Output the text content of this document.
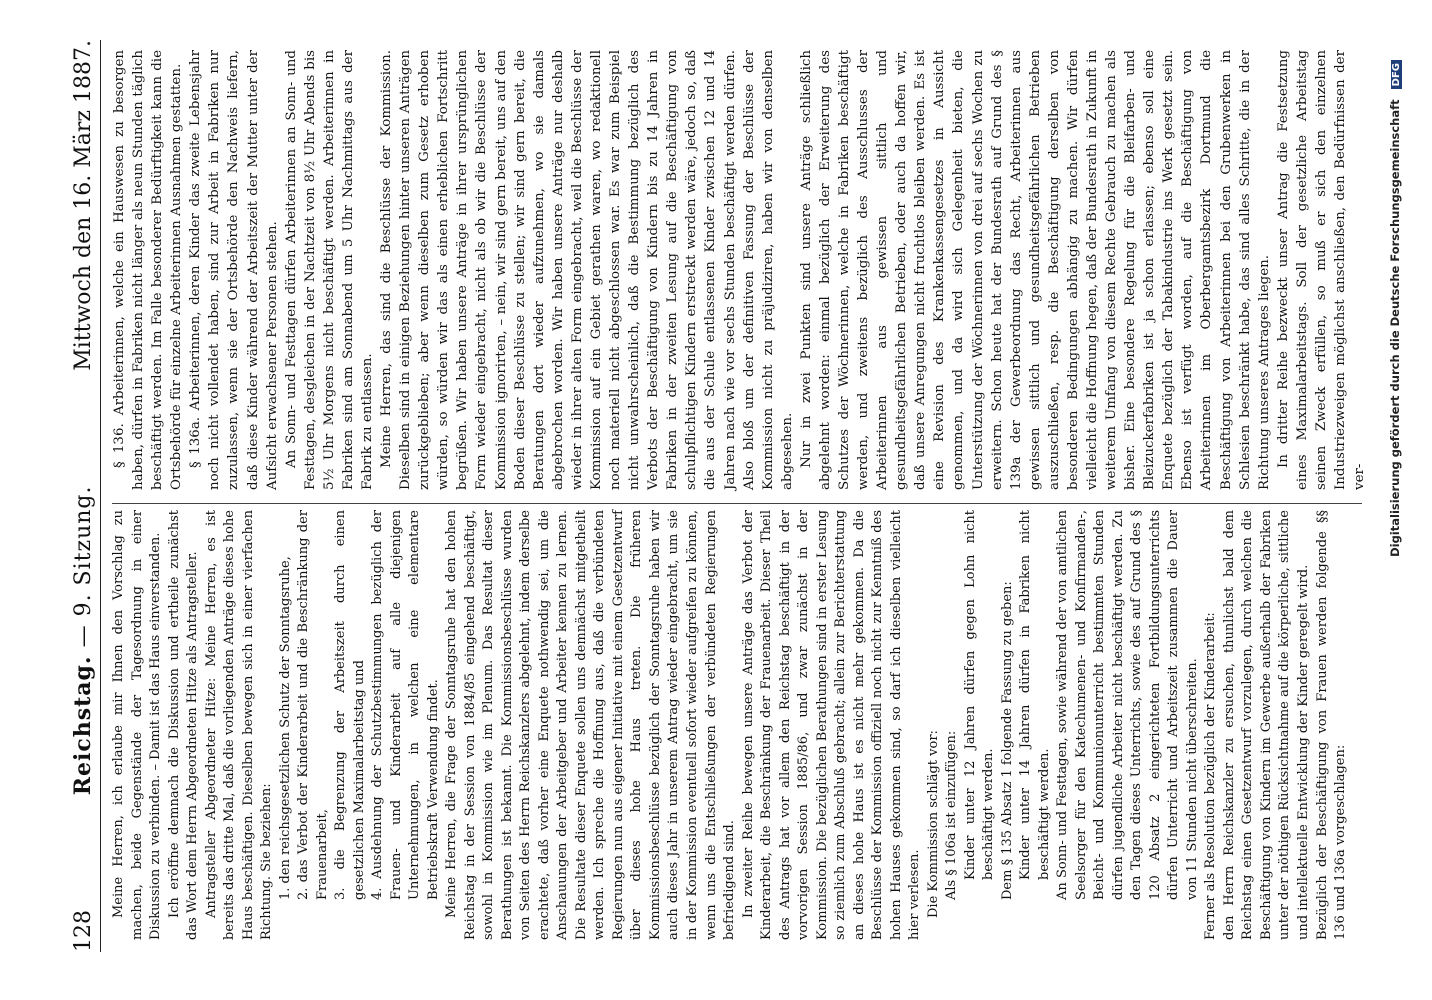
128
Reichstag. — 9. Sitzung.
Mittwoch den 16. März 1887.

Meine Herren, ich erlaube mir Ihnen den Vorschlag zu machen, beide Gegenstände der Tagesordnung in einer Diskussion zu verbinden. – Damit ist das Haus einverstanden. Ich eröffne demnach die Diskussion und ertheile zunächst das Wort dem Herrn Abgeordneten Hitze als Antragsteller. Antragsteller Abgeordneter Hitze: Meine Herren, es ist bereits das dritte Mal, daß die vorliegenden Anträge dieses hohe Haus beschäftigen. Dieselben bewegen sich in einer vierfachen Richtung. Sie beziehen: 1. den reichsgesetzlichen Schutz der Sonntagsruhe, 2. das Verbot der Kinderarbeit und die Beschränkung der Frauenarbeit, 3. die Begrenzung der Arbeitszeit durch einen gesetzlichen Maximalarbeitstag und 4. Ausdehnung der Schutzbestimmungen bezüglich der Frauen- und Kinderarbeit auf alle diejenigen Unternehmungen, in welchen eine elementare Betriebskraft Verwendung findet. Meine Herren, die Frage der Sonntagsruhe hat den hohen Reichstag in der Session von 1884/85 eingehend beschäftigt, sowohl in Kommission wie im Plenum. Das Resultat dieser Berathungen ist bekannt. Die Kommissionsbeschlüsse wurden von Seiten des Herrn Reichskanzlers abgelehnt, indem derselbe erachtete, daß vorher eine Enquete nothwendig sei, um die Anschauungen der Arbeitgeber und Arbeiter kennen zu lernen. Die Resultate dieser Enquete sollen uns demnächst mitgetheilt werden. Ich spreche die Hoffnung aus, daß die verbündeten Regierungen nun aus eigener Initiative mit einem Gesetzentwurf über dieses hohe Haus treten. Die früheren Kommissionsbeschlüsse bezüglich der Sonntagsruhe haben wir auch dieses Jahr in unserem Antrag wieder eingebracht, um sie in der Kommission eventuell sofort wieder aufgreifen zu können, wenn uns die Entschließungen der verbündeten Regierungen befriedigend sind. In zweiter Reihe bewegen unsere Anträge das Verbot der Kinderarbeit, die Beschränkung der Frauenarbeit. Dieser Theil des Antrags hat vor allem den Reichstag beschäftigt in der vorvorigen Session 1885/86, und zwar zunächst in der Kommission. Die bezüglichen Berathungen sind in erster Lesung so ziemlich zum Abschluß gebracht; allein zur Berichterstattung an dieses hohe Haus ist es nicht mehr gekommen. Da die Beschlüsse der Kommission offiziell noch nicht zur Kenntniß des hohen Hauses gekommen sind, so darf ich dieselben vielleicht hier verlesen. Die Kommission schlägt vor: Als § 106a ist einzufügen: Kinder unter 12 Jahren dürfen gegen Lohn nicht beschäftigt werden. Dem § 135 Absatz 1 folgende Fassung zu geben: Kinder unter 14 Jahren dürfen in Fabriken nicht beschäftigt werden. An Sonn- und Festtagen, sowie während der von amtlichen Seelsorger für den Katechumenen- und Konfirmanden-, Beicht- und Kommunionunterricht bestimmten Stunden dürfen jugendliche Arbeiter nicht beschäftigt werden. Zu den Tagen dieses Unterrichts, sowie des auf Grund des § 120 Absatz 2 eingerichteten Fortbildungsunterrichts dürfen Unterricht und Arbeitszeit zusammen die Dauer von 11 Stunden nicht überschreiten. Ferner als Resolution bezüglich der Kinderarbeit: den Herrn Reichskanzler zu ersuchen, thunlichst bald dem Reichstag einen Gesetzentwurf vorzulegen, durch welchen die Beschäftigung von Kindern im Gewerbe außerhalb der Fabriken unter der nöthigen Rücksichtnahme auf die körperliche, sittliche und intellektuelle Entwicklung der Kinder geregelt wird. Bezüglich der Beschäftigung von Frauen werden folgende §§ 136 und 136a vorgeschlagen:

§ 136. Arbeiterinnen, welche ein Hauswesen zu besorgen haben, dürfen in Fabriken nicht länger als neun Stunden täglich beschäftigt werden. Im Falle besonderer Bedürftigkeit kann die Ortsbehörde für einzelne Arbeiterinnen Ausnahmen gestatten. § 136a. Arbeiterinnen, deren Kinder das zweite Lebensjahr noch nicht vollendet haben, sind zur Arbeit in Fabriken nur zuzulassen, wenn sie der Ortsbehörde den Nachweis liefern, daß diese Kinder während der Arbeitszeit der Mutter unter der Aufsicht erwachsener Personen stehen. An Sonn- und Festtagen dürfen Arbeiterinnen an Sonn- und Festtagen, desgleichen in der Nachtzeit von 8½ Uhr Abends bis 5½ Uhr Morgens nicht beschäftigt werden. Arbeiterinnen in Fabriken sind am Sonnabend um 5 Uhr Nachmittags aus der Fabrik zu entlassen. Meine Herren, das sind die Beschlüsse der Kommission. Dieselben sind in einigen Beziehungen hinter unseren Anträgen zurückgeblieben; aber wenn dieselben zum Gesetz erhoben würden, so würden wir das als einen erheblichen Fortschritt begrüßen. Wir haben unsere Anträge in ihrer ursprünglichen Form wieder eingebracht, nicht als ob wir die Beschlüsse der Kommission ignorirten, – nein, wir sind gern bereit, uns auf den Boden dieser Beschlüsse zu stellen; wir sind gern bereit, die Beratungen dort wieder aufzunehmen, wo sie damals abgebrochen worden. Wir haben unsere Anträge nur deshalb wieder in ihrer alten Form eingebracht, weil die Beschlüsse der Kommission auf ein Gebiet gerathen waren, wo redaktionell noch materiell nicht abgeschlossen war. Es war zum Beispiel nicht unwahrscheinlich, daß die Bestimmung bezüglich des Verbots der Beschäftigung von Kindern bis zu 14 Jahren in Fabriken in der zweiten Lesung auf die Beschäftigung von schulpflichtigen Kindern erstreckt werden wäre, jedoch so, daß die aus der Schule entlassenen Kinder zwischen 12 und 14 Jahren nach wie vor sechs Stunden beschäftigt werden dürfen. Also bloß um der definitiven Fassung der Beschlüsse der Kommission nicht zu präjudiziren, haben wir von denselben abgesehen. Nur in zwei Punkten sind unsere Anträge schließlich abgelehnt worden: einmal bezüglich der Erweiterung des Schutzes der Wöchnerinnen, welche in Fabriken beschäftigt werden, und zweitens bezüglich des Ausschlusses der Arbeiterinnen aus gewissen sittlich und gesundheitsgefährlichen Betrieben, oder auch da hoffen wir, daß unsere Anregungen nicht fruchtlos bleiben werden. Es ist eine Revision des Krankenkassengesetzes in Aussicht genommen, und da wird sich Gelegenheit bieten, die Unterstützung der Wöchnerinnen von drei auf sechs Wochen zu erweitern. Schon heute hat der Bundesrath auf Grund des § 139a der Gewerbeordnung das Recht, Arbeiterinnen aus gewissen sittlich und gesundheitsgefährlichen Betrieben auszuschließen, resp. die Beschäftigung derselben von besonderen Bedingungen abhängig zu machen. Wir dürfen vielleicht die Hoffnung hegen, daß der Bundesrath in Zukunft in weiterem Umfang von diesem Rechte Gebrauch zu machen als bisher. Eine besondere Regelung für die Bleifarben- und Bleizuckerfabriken ist ja schon erlassen; ebenso soll eine Enquete bezüglich der Tabakindustrie ins Werk gesetzt sein. Ebenso ist verfügt worden, auf die Beschäftigung von Arbeiterinnen im Oberbergamtsbezirk Dortmund die Beschäftigung von Arbeiterinnen bei den Grubenwerken in Schlesien beschränkt habe, das sind alles Schritte, die in der Richtung unseres Antrages liegen. In dritter Reihe bezweckt unser Antrag die Festsetzung eines Maximalarbeitstags. Soll der gesetzliche Arbeitstag seinen Zweck erfüllen, so muß er sich den einzelnen Industriezweigen möglichst anschließen, den Bedürfnissen der ver- Digitalisierung gefördert durch die Deutsche Forschungsgemeinschaft DFG
